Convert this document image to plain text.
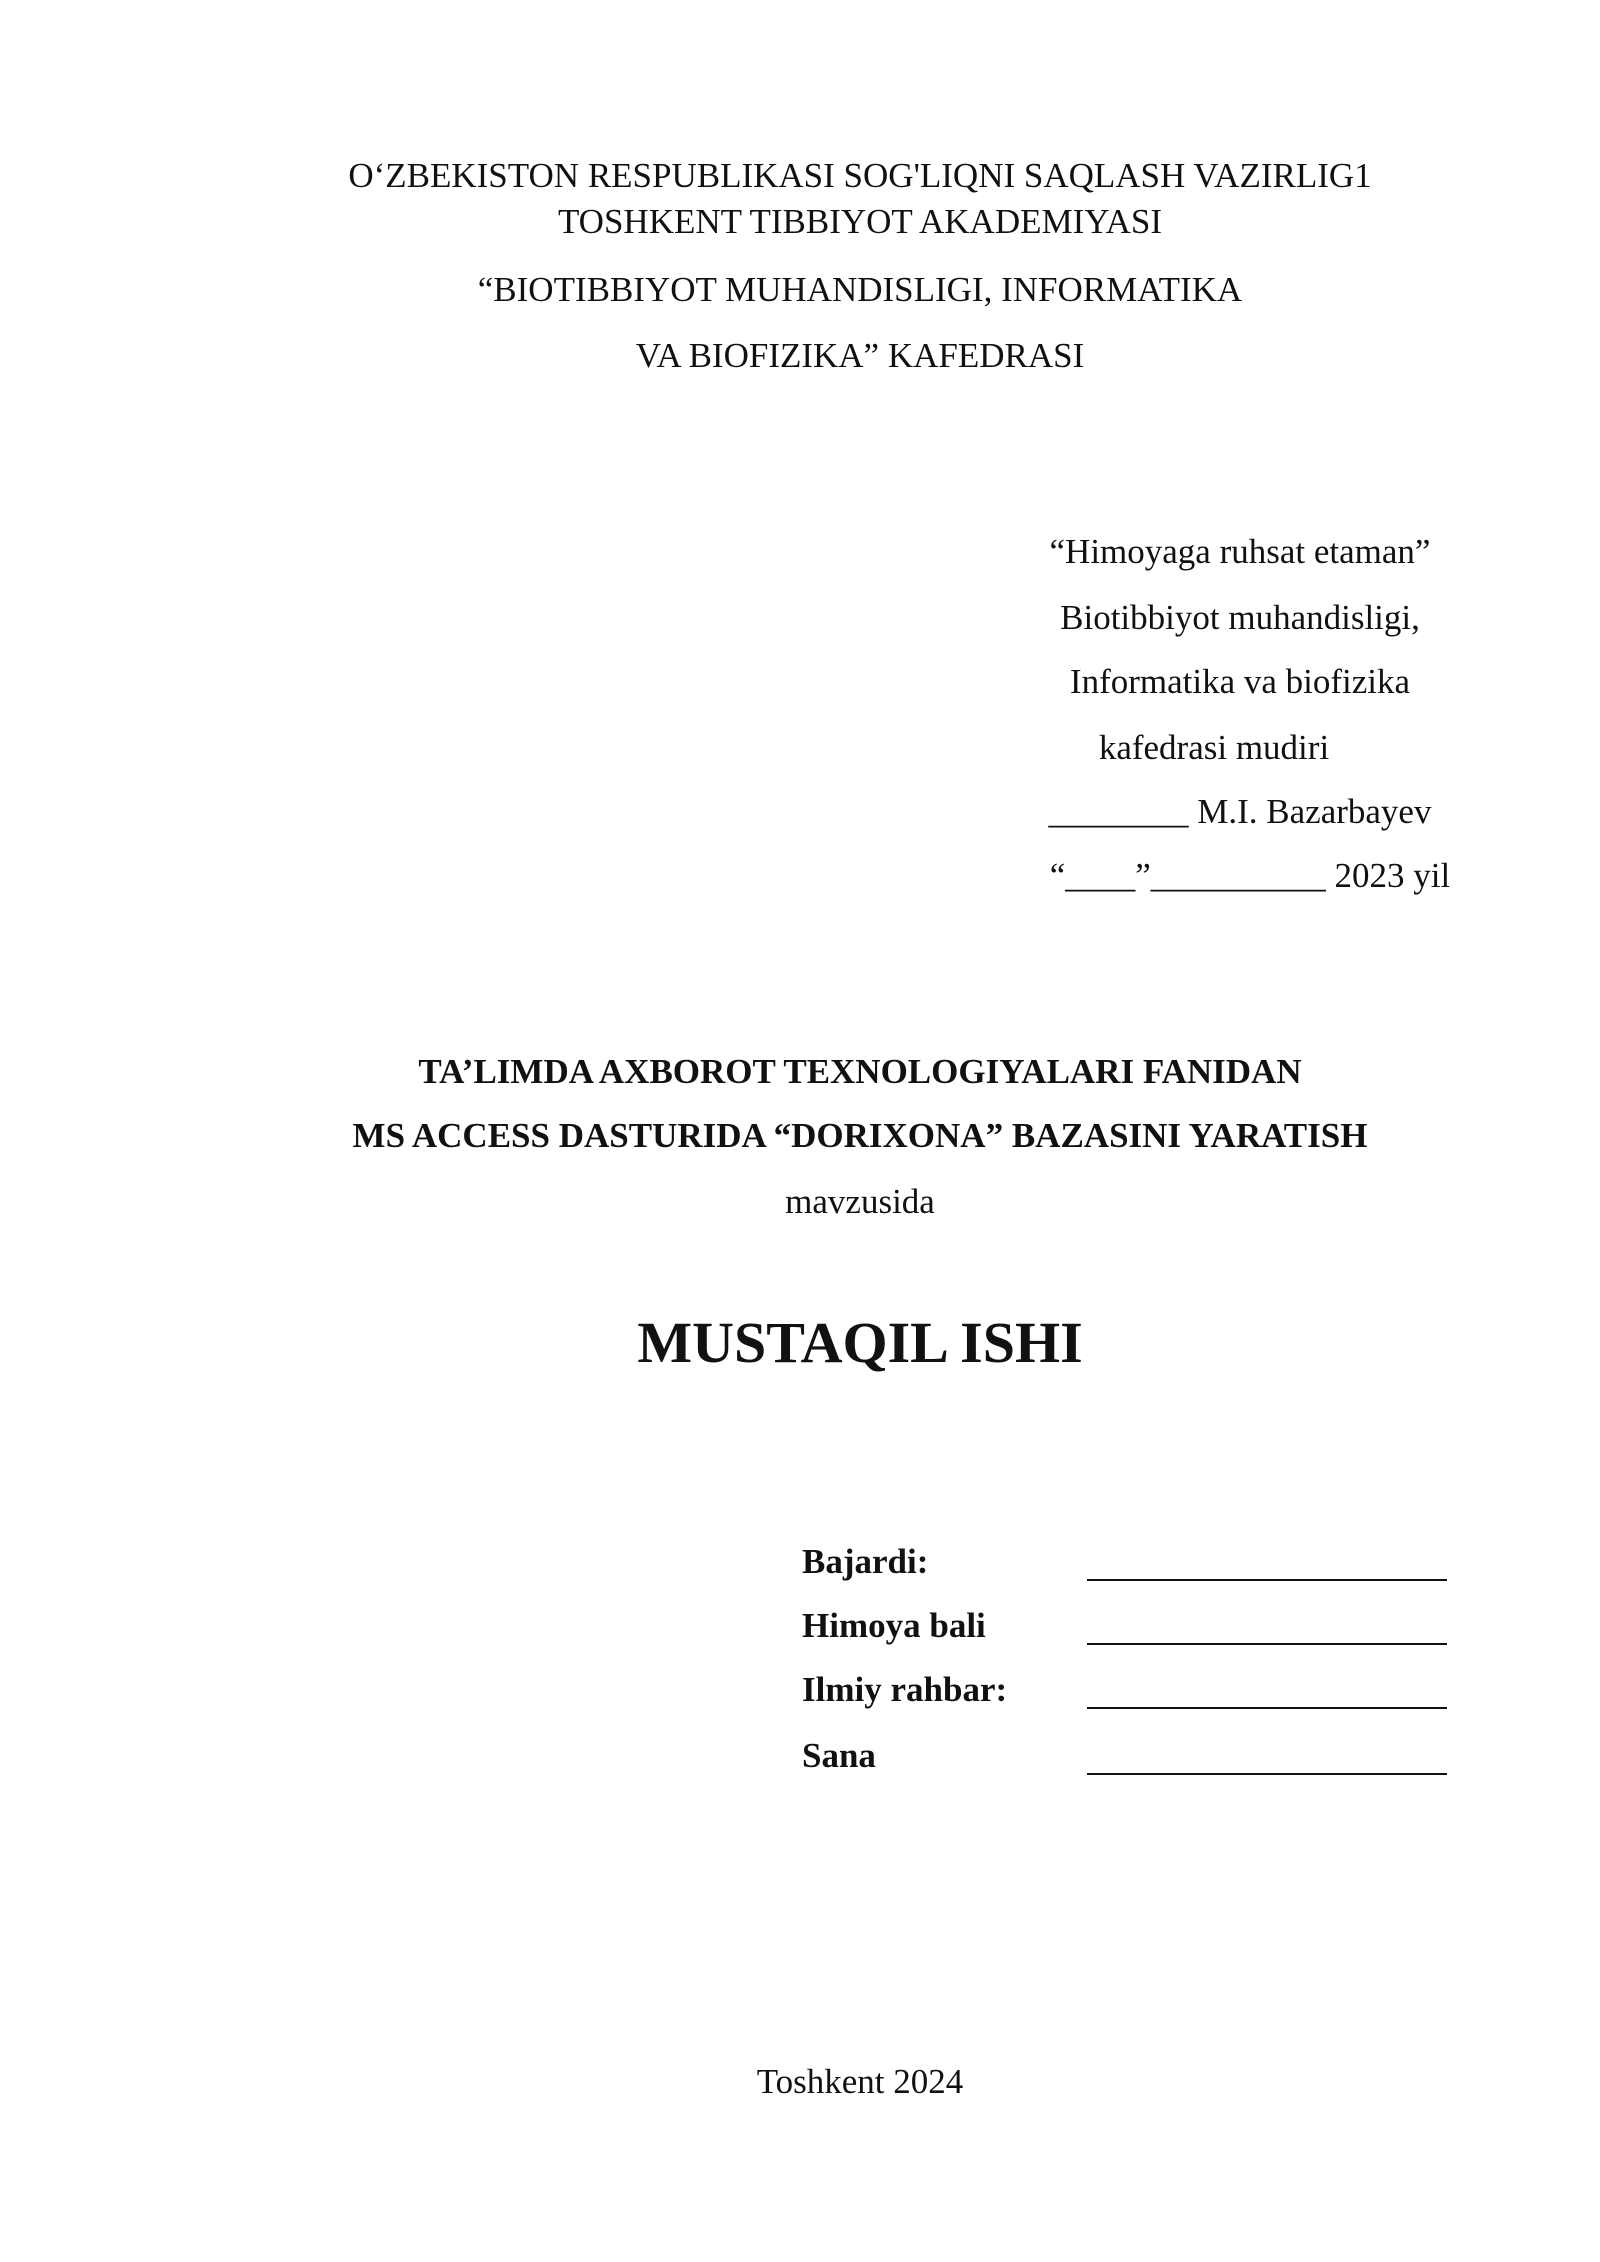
O‘ZBEKISTON RESPUBLIKASI SOG'LIQNI SAQLASH VAZIRLIG1
TOSHKENT TIBBIYOT AKADEMIYASI
“BIOTIBBIYOT MUHANDISLIGI, INFORMATIKA
VA BIOFIZIKA” KAFEDRASI
“Himoyaga ruhsat etaman”
Biotibbiyot muhandisligi,
Informatika va biofizika
kafedrasi mudiri
________ M.I. Bazarbayev
“____”__________ 2023 yil
TA’LIMDA AXBOROT TEXNOLOGIYALARI FANIDAN
MS ACCESS DASTURIDA “DORIXONA” BAZASINI YARATISH
mavzusida
MUSTAQIL ISHI
Bajardi:
Himoya bali
Ilmiy rahbar:
Sana
Toshkent 2024
